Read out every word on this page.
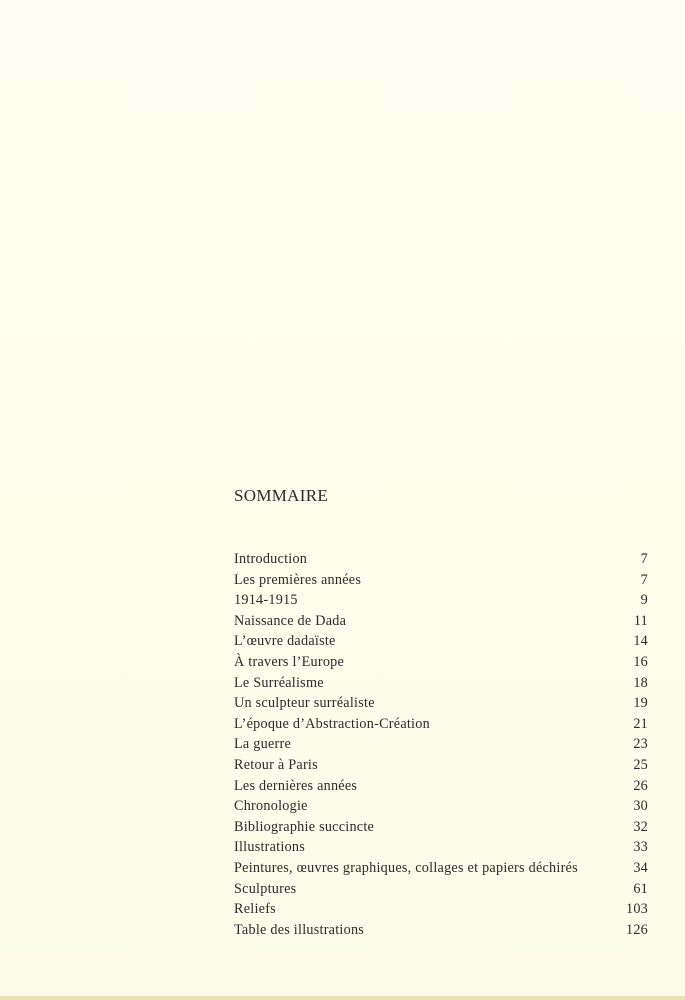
SOMMAIRE
Introduction	7
Les premières années	7
1914-1915	9
Naissance de Dada	11
L’œuvre dadaïste	14
À travers l’Europe	16
Le Surréalisme	18
Un sculpteur surréaliste	19
L’époque d’Abstraction-Création	21
La guerre	23
Retour à Paris	25
Les dernières années	26
Chronologie	30
Bibliographie succincte	32
Illustrations	33
Peintures, œuvres graphiques, collages et papiers déchirés	34
Sculptures	61
Reliefs	103
Table des illustrations	126
